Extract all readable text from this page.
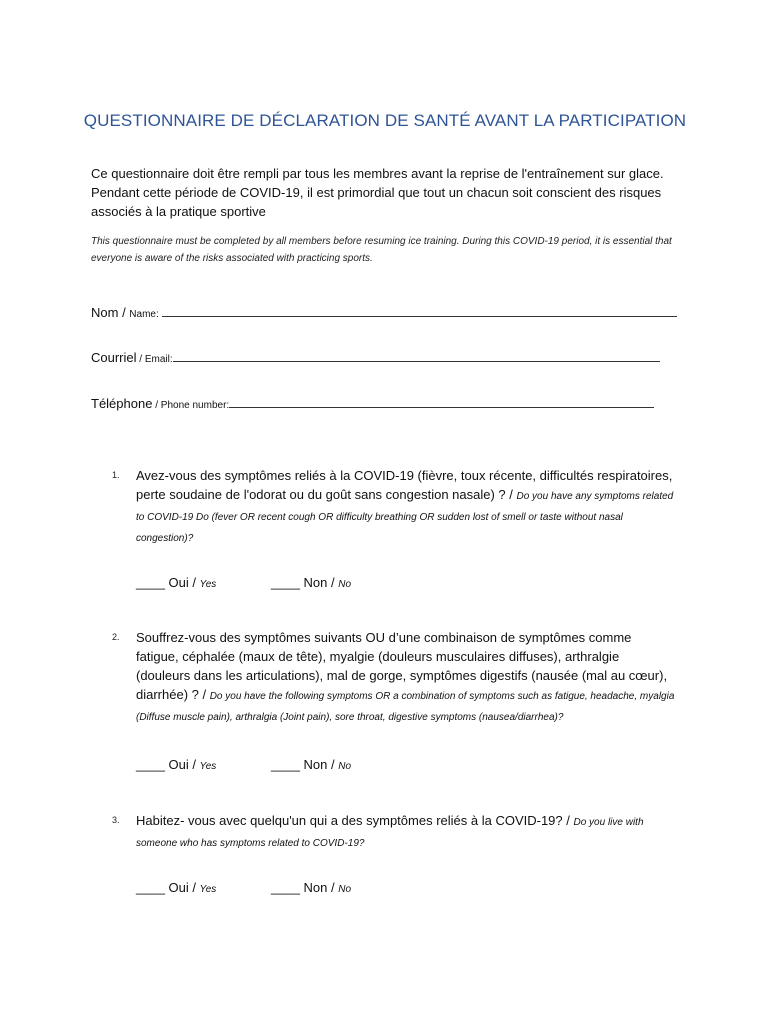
QUESTIONNAIRE DE DÉCLARATION DE SANTÉ AVANT LA PARTICIPATION
Ce questionnaire doit être rempli par tous les membres avant la reprise de l'entraînement sur glace. Pendant cette période de COVID-19, il est primordial que tout un chacun soit conscient des risques associés à la pratique sportive
This questionnaire must be completed by all members before resuming ice training. During this COVID-19 period, it is essential that everyone is aware of the risks associated with practicing sports.
Nom / Name:
Courriel / Email:
Téléphone / Phone number:
1. Avez-vous des symptômes reliés à la COVID-19 (fièvre, toux récente, difficultés respiratoires, perte soudaine de l'odorat ou du goût sans congestion nasale) ? / Do you have any symptoms related to COVID-19 Do (fever OR recent cough OR difficulty breathing OR sudden lost of smell or taste without nasal congestion)?
____ Oui / Yes	____ Non / No
2. Souffrez-vous des symptômes suivants OU d’une combinaison de symptômes comme fatigue, céphalée (maux de tête), myalgie (douleurs musculaires diffuses), arthralgie (douleurs dans les articulations), mal de gorge, symptômes digestifs (nausée (mal au cœur), diarrhée) ? / Do you have the following symptoms OR a combination of symptoms such as fatigue, headache, myalgia (Diffuse muscle pain), arthralgia (Joint pain), sore throat, digestive symptoms (nausea/diarrhea)?
____ Oui / Yes	____ Non / No
3. Habitez- vous avec quelqu'un qui a des symptômes reliés à la COVID-19? / Do you live with someone who has symptoms related to COVID-19?
____ Oui / Yes	____ Non / No
